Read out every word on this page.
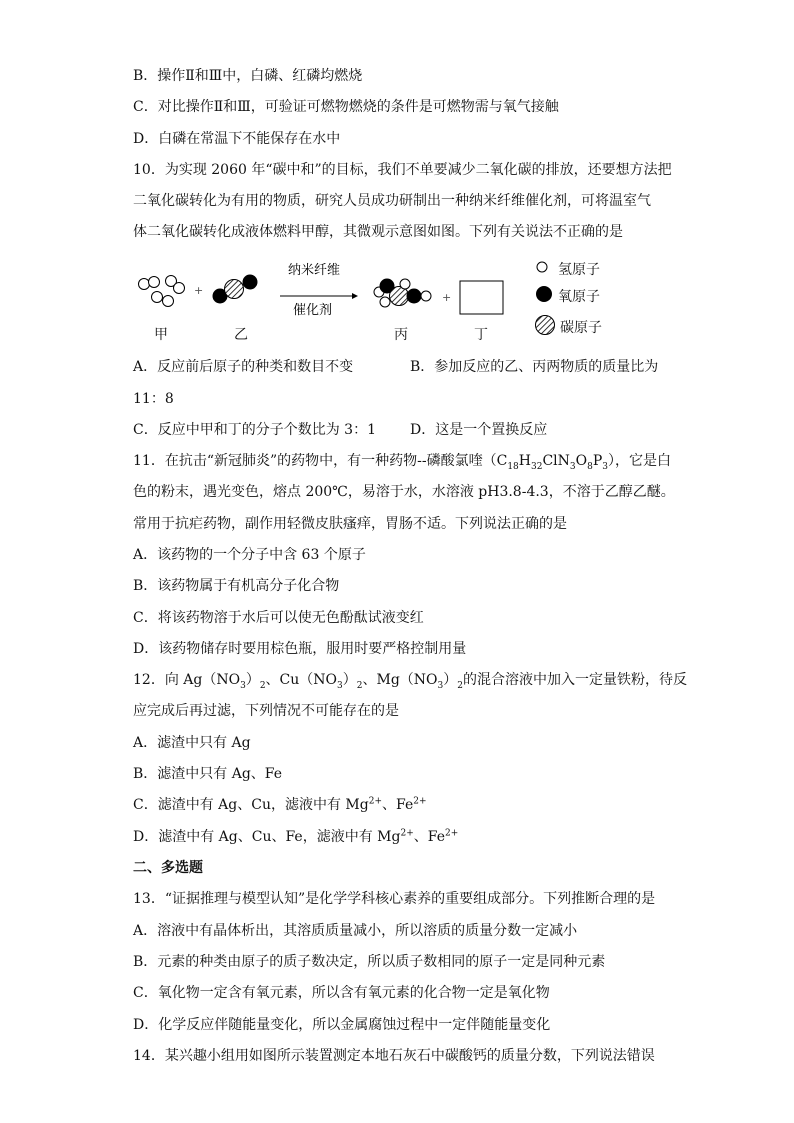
B．操作Ⅱ和Ⅲ中，白磷、红磷均燃烧
C．对比操作Ⅱ和Ⅲ，可验证可燃物燃烧的条件是可燃物需与氧气接触
D．白磷在常温下不能保存在水中
10．为实现 2060 年“碳中和”的目标，我们不单要减少二氧化碳的排放，还要想方法把
二氧化碳转化为有用的物质，研究人员成功研制出一种纳米纤维催化剂，可将温室气
体二氧化碳转化成液体燃料甲醇，其微观示意图如图。下列有关说法不正确的是
+
纳米纤维
催化剂
+
氢原子
氧原子
碳原子
甲	乙	丙	丁
A．反应前后原子的种类和数目不变	B．参加反应的乙、丙两物质的质量比为
11：8
C．反应中甲和丁的分子个数比为 3：1 D．这是一个置换反应
11．在抗击“新冠肺炎”的药物中，有一种药物--磷酸氯喹$(C_{18}H_{32}ClN_3O_8P_3)$，它是白
色的粉末，遇光变色，熔点 200℃，易溶于水，水溶液 pH3.8-4.3，不溶于乙醇乙醚。
常用于抗疟药物，副作用轻微皮肤瘙痒，胃肠不适。下列说法正确的是
A．该药物的一个分子中含 63 个原子
B．该药物属于有机高分子化合物
C．将该药物溶于水后可以使无色酚酞试液变红
D．该药物储存时要用棕色瓶，服用时要严格控制用量
12．向 $Ag(NO_3)_2$、$Cu(NO_3)_2$、$Mg(NO_3)_2$的混合溶液中加入一定量铁粉，待反
应完成后再过滤，下列情况不可能存在的是
A．滤渣中只有 Ag
B．滤渣中只有 Ag、Fe
C．滤渣中有 Ag、Cu，滤液中有 $Mg^{2+}$、$Fe^{2+}$
D．滤渣中有 Ag、Cu、Fe，滤液中有 $Mg^{2+}$、$Fe^{2+}$
二、多选题
13．“证据推理与模型认知”是化学学科核心素养的重要组成部分。下列推断合理的是
A．溶液中有晶体析出，其溶质质量减小，所以溶质的质量分数一定减小
B．元素的种类由原子的质子数决定，所以质子数相同的原子一定是同种元素
C．氧化物一定含有氧元素，所以含有氧元素的化合物一定是氧化物
D．化学反应伴随能量变化，所以金属腐蚀过程中一定伴随能量变化
14．某兴趣小组用如图所示装置测定本地石灰石中碳酸钙的质量分数，下列说法错误
